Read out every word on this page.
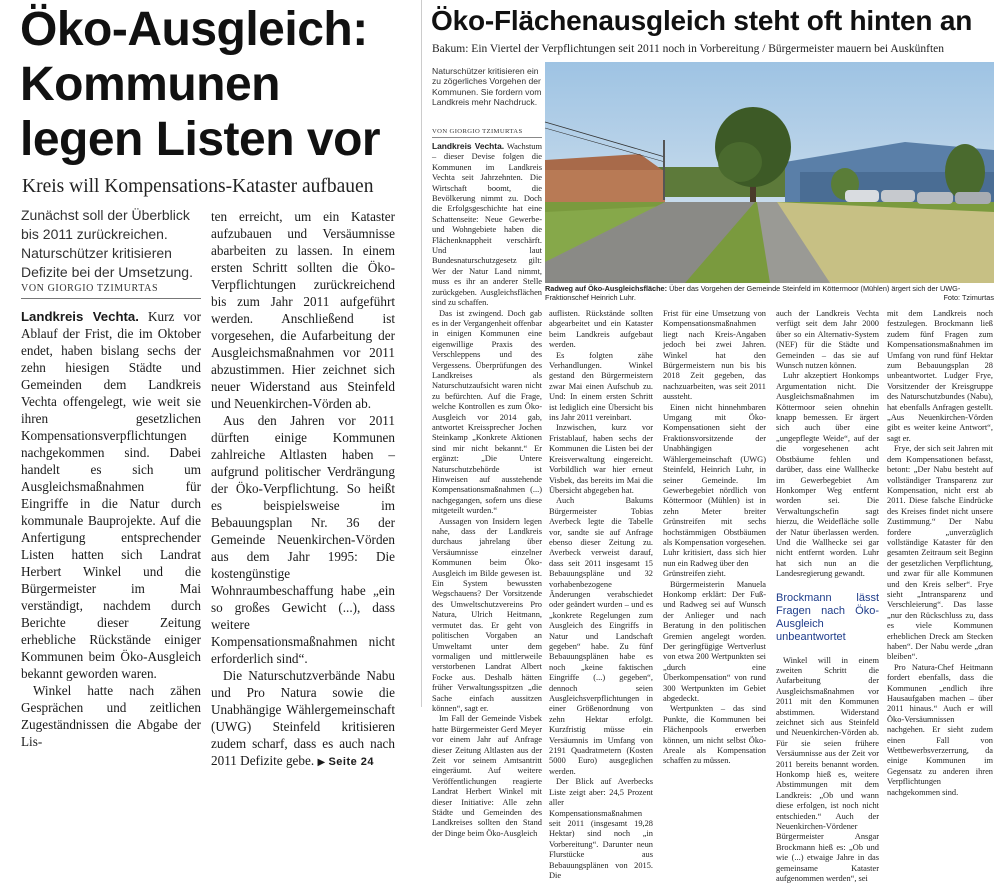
Öko-Ausgleich:
Kommunen
legen Listen vor
Kreis will Kompensations-Kataster aufbauen
Zunächst soll der Überblick bis 2011 zurückreichen. Naturschützer kritisieren Defizite bei der Umsetzung.
VON GIORGIO TZIMURTAS

Landkreis Vechta. Kurz vor Ablauf der Frist, die im Oktober endet, haben bislang sechs der zehn hiesigen Städte und Gemeinden dem Landkreis Vechta offengelegt, wie weit sie ihren gesetzlichen Kompensationsverpflichtungen nachgekommen sind. Dabei handelt es sich um Ausgleichsmaßnahmen für Eingriffe in die Natur durch kommunale Bauprojekte. Auf die Anfertigung entsprechender Listen hatten sich Landrat Herbert Winkel und die Bürgermeister im Mai verständigt, nachdem durch Berichte dieser Zeitung erhebliche Rückstände einiger Kommunen beim Öko-Ausgleich bekannt geworden waren.

Winkel hatte nach zähen Gesprächen und zeitlichen Zugeständnissen die Abgabe der Lis-

ten erreicht, um ein Kataster aufzubauen und Versäumnisse abarbeiten zu lassen. In einem ersten Schritt sollten die Öko-Verpflichtungen zurückreichend bis zum Jahr 2011 aufgeführt werden. Anschließend ist vorgesehen, die Aufarbeitung der Ausgleichsmaßnahmen vor 2011 abzustimmen. Hier zeichnet sich neuer Widerstand aus Steinfeld und Neuenkirchen-Vörden ab.

Aus den Jahren vor 2011 dürften einige Kommunen zahlreiche Altlasten haben – aufgrund politischer Verdrängung der Öko-Verpflichtung. So heißt es beispielsweise im Bebauungsplan Nr. 36 der Gemeinde Neuenkirchen-Vörden aus dem Jahr 1995: Die kostengünstige Wohnraumbeschaffung habe „ein so großes Gewicht (...), dass weitere Kompensationsmaßnahmen nicht erforderlich sind“.

Die Naturschutzverbände Nabu und Pro Natura sowie die Unabhängige Wählergemeinschaft (UWG) Steinfeld kritisieren zudem scharf, dass es auch nach 2011 Defizite gebe. ▶ Seite 24

Öko-Flächenausgleich steht oft hinten an
Bakum: Ein Viertel der Verpflichtungen seit 2011 noch in Vorbereitung / Bürgermeister mauern bei Auskünften
Naturschützer kritisieren ein zu zögerliches Vorgehen der Kommunen. Sie fordern vom Landkreis mehr Nachdruck.
VON GIORGIO TZIMURTAS

Landkreis Vechta. Wachstum – dieser Devise folgen die Kommunen im Landkreis Vechta seit Jahrzehnten. Die Wirtschaft boomt, die Bevölkerung nimmt zu. Doch die Erfolgsgeschichte hat eine Schattenseite: Neue Gewerbe- und Wohngebiete haben die Flächenknappheit verschärft. Und laut Bundesnaturschutzgesetz gilt: Wer der Natur Land nimmt, muss es ihr an anderer Stelle zurückgeben. Ausgleichsflächen sind zu schaffen.

Das ist zwingend. Doch gab es in der Vergangenheit offenbar in einigen Kommunen eine eigenwillige Praxis des Verschleppens und des Vergessens. Überprüfungen des Landkreises als Naturschutzaufsicht waren nicht zu befürchten. Auf die Frage, welche Kontrollen es zum Öko-Ausgleich vor 2014 gab, antwortet Kreissprecher Jochen Steinkamp „Konkrete Aktionen sind mir nicht bekannt.“ Er ergänzt: „Die Untere Naturschutzbehörde ist Hinweisen auf ausstehende Kompensationsmaßnahmen (...) nachgegangen, sofern uns diese mitgeteilt wurden.“

Aussagen von Insidern legen nahe, dass der Landkreis durchaus jahrelang über Versäumnisse einzelner Kommunen beim Öko-Ausgleich im Bilde gewesen ist. Ein System bewussten Wegschauens? Der Vorsitzende des Umweltschutzvereins Pro Natura, Ulrich Heitmann, vermutet das. Er geht von politischen Vorgaben an Umweltamt unter dem vormaligen und mittlerweile verstorbenen Landrat Albert Focke aus. Deshalb hätten früher Verwaltungsspitzen „die Sache einfach aussitzen können“, sagt er.

Im Fall der Gemeinde Visbek hatte Bürgermeister Gerd Meyer vor einem Jahr auf Anfrage dieser Zeitung Altlasten aus der Zeit vor seinem Amtsantritt eingeräumt. Auf weitere Veröffentlichungen reagierte Landrat Herbert Winkel mit dieser Initiative: Alle zehn Städte und Gemeinden des Landkreises sollten den Stand der Dinge beim Öko-Ausgleich

Radweg auf Öko-Ausgleichsfläche: Über das Vorgehen der Gemeinde Steinfeld im Köttermoor (Mühlen) ärgert sich der UWG-Fraktionschef Heinrich Luhr.	Foto: Tzimurtas

auflisten. Rückstände sollten abgearbeitet und ein Kataster beim Landkreis aufgebaut werden.

Es folgten zähe Verhandlungen. Winkel gestand den Bürgermeistern zwar Mai einen Aufschub zu. Und: In einem ersten Schritt ist lediglich eine Übersicht bis ins Jahr 2011 vereinbart.

Inzwischen, kurz vor Fristablauf, haben sechs der Kommunen die Listen bei der Kreisverwaltung eingereicht. Vorbildlich war hier erneut Visbek, das bereits im Mai die Übersicht abgegeben hat.

Auch Bakums Bürgermeister Tobias Averbeck legte die Tabelle vor, sandte sie auf Anfrage ebenso dieser Zeitung zu. Averbeck verweist darauf, dass seit 2011 insgesamt 15 Bebauungspläne und 32 vorhabenbezogene Änderungen verabschiedet oder geändert wurden – und es „konkrete Regelungen zum Ausgleich des Eingriffs in Natur und Landschaft gegeben“ habe. Zu fünf Bebauungsplänen habe es noch „keine faktischen Eingriffe (...) gegeben“, dennoch seien Ausgleichsverpflichtungen in einer Größenordnung von zehn Hektar erfolgt. Kurzfristig müsse ein Versäumnis im Umfang von 2191 Quadratmetern (Kosten 5000 Euro) ausgeglichen werden.

Der Blick auf Averbecks Liste zeigt aber: 24,5 Prozent aller Kompensationsmaßnahmen seit 2011 (insgesamt 19,28 Hektar) sind noch „in Vorbereitung“. Darunter neun Flurstücke aus Bebauungsplänen von 2015. Die

Frist für eine Umsetzung von Kompensationsmaßnahmen liegt nach Kreis-Angaben jedoch bei zwei Jahren. Winkel hat den Bürgermeistern nun bis bis 2018 Zeit gegeben, das nachzuarbeiten, was seit 2011 aussteht.

Einen nicht hinnehmbaren Umgang mit Öko-Kompensationen sieht der Fraktionsvorsitzende der Unabhängigen Wählergemeinschaft (UWG) Steinfeld, Heinrich Luhr, in seiner Gemeinde. Im Gewerbegebiet nördlich von Köttermoor (Mühlen) ist in zehn Meter breiter Grünstreifen mit sechs hochstämmigen Obstbäumen als Kompensation vorgesehen. Luhr kritisiert, dass sich hier nun ein Radweg über den

Grünstreifen zieht.

Bürgermeisterin Manuela Honkomp erklärt: Der Fuß- und Radweg sei auf Wunsch der Anlieger und nach Beratung in den politischen Gremien angelegt worden. Der geringfügige Wertverlust von etwa 200 Wertpunkten sei „durch eine Überkompensation“ von rund 300 Wertpunkten im Gebiet abgedeckt.

Wertpunkten – das sind Punkte, die Kommunen bei Flächenpools erwerben können, um nicht selbst Öko-Areale als Kompensation schaffen zu müssen.

auch der Landkreis Vechta verfügt seit dem Jahr 2000 über so ein Alternativ-System (NEF) für die Städte und Gemeinden – das sie auf Wunsch nutzen können.

Luhr akzeptiert Honkomps Argumentation nicht. Die Ausgleichsmaßnahmen im Köttermoor seien ohnehin knapp bemessen. Er ärgert sich auch über eine „ungepflegte Weide“, auf der die vorgesehenen acht Obstbäume fehlen und darüber, dass eine Wallhecke im Gewerbegebiet Am Honkomper Weg entfernt worden sei. Die Verwaltungschefin sagt hierzu, die Weidefläche solle der Natur überlassen werden. Und die Wallhecke sei gar nicht entfernt worden. Luhr hat sich nun an die Landesregierung gewandt.

Brockmann lässt Fragen nach Öko-Ausgleich unbeantwortet

Winkel will in einem zweiten Schritt die Aufarbeitung der Ausgleichsmaßnahmen vor 2011 mit den Kommunen abstimmen. Widerstand zeichnet sich aus Steinfeld und Neuenkirchen-Vörden ab. Für sie seien frühere Versäumnisse aus der Zeit vor 2011 bereits benannt worden. Honkomp hieß es, weitere Abstimmungen mit dem Landkreis: „Ob und wann diese erfolgen, ist noch nicht entschieden.“ Auch der Neuenkirchen-Vördener Bürgermeister Ansgar Brockmann hieß es: „Ob und wie (...) etwaige Jahre in das gemeinsame Kataster aufgenommen werden“, sei

mit dem Landkreis noch festzulegen. Brockmann ließ zudem fünf Fragen zum Kompensationsmaßnahmen im Umfang von rund fünf Hektar zum Bebauungsplan 28 unbeantwortet. Ludger Frye, Vorsitzender der Kreisgruppe des Naturschutzbundes (Nabu), hat ebenfalls Anfragen gestellt. „Aus Neuenkirchen-Vörden gibt es weiter keine Antwort“, sagt er.

Frye, der sich seit Jahren mit dem Kompensationen befasst, betont: „Der Nabu besteht auf vollständiger Transparenz zur Kompensation, nicht erst ab 2011. Diese falsche Eindrücke des Kreises findet nicht unsere Zustimmung.“ Der Nabu fordere „unverzüglich vollständige Kataster für den gesamten Zeitraum seit Beginn der gesetzlichen Verpflichtung, und zwar für alle Kommunen und den Kreis selber“. Frye sieht „Intransparenz und Verschleierung“. Das lasse „nur den Rückschluss zu, dass es viele Kommunen erheblichen Dreck am Stecken haben“. Der Nabu werde „dran bleiben“.

Pro Natura-Chef Heitmann fordert ebenfalls, dass die Kommunen „endlich ihre Hausaufgaben machen – über 2011 hinaus.“ Auch er will Öko-Versäumnissen nachgehen. Er sieht zudem einen Fall von Wettbewerbsverzerrung, da einige Kommunen im Gegensatz zu anderen ihren Verpflichtungen nachgekommen sind.
